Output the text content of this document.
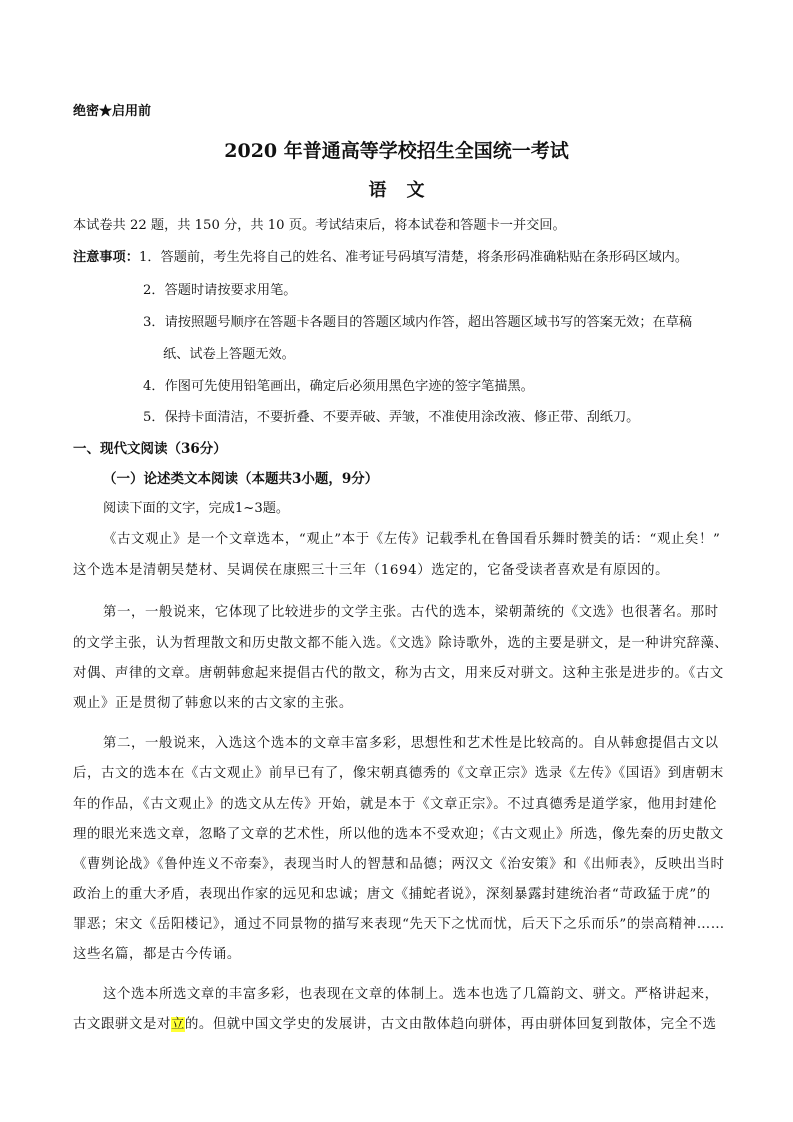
绝密★启用前
2020 年普通高等学校招生全国统一考试
语文
本试卷共 22 题，共 150 分，共 10 页。考试结束后，将本试卷和答题卡一并交回。
注意事项：1．答题前，考生先将自己的姓名、准考证号码填写清楚，将条形码准确粘贴在条形码区域内。
2．答题时请按要求用笔。
3．请按照题号顺序在答题卡各题目的答题区域内作答，超出答题区域书写的答案无效；在草稿
纸、试卷上答题无效。
4．作图可先使用铅笔画出，确定后必须用黑色字迹的签字笔描黑。
5．保持卡面清洁，不要折叠、不要弄破、弄皱，不准使用涂改液、修正带、刮纸刀。
一、现代文阅读（36分）
（一）论述类文本阅读（本题共3小题，9分）
阅读下面的文字，完成1~3题。
《古文观止》是一个文章选本，“观止”本于《左传》记载季札在鲁国看乐舞时赞美的话：“观止矣！”
这个选本是清朝吴楚材、吴调侯在康熙三十三年（1694）选定的，它备受读者喜欢是有原因的。
第一，一般说来，它体现了比较进步的文学主张。古代的选本，梁朝萧统的《文选》也很著名。那时
的文学主张，认为哲理散文和历史散文都不能入选。《文选》除诗歌外，选的主要是骈文，是一种讲究辞藻、
对偶、声律的文章。唐朝韩愈起来提倡古代的散文，称为古文，用来反对骈文。这种主张是进步的。《古文
观止》正是贯彻了韩愈以来的古文家的主张。
第二，一般说来，入选这个选本的文章丰富多彩，思想性和艺术性是比较高的。自从韩愈提倡古文以
后，古文的选本在《古文观止》前早已有了，像宋朝真德秀的《文章正宗》选录《左传》《国语》到唐朝末
年的作品，《古文观止》的选文从左传》开始，就是本于《文章正宗》。不过真德秀是道学家，他用封建伦
理的眼光来选文章，忽略了文章的艺术性，所以他的选本不受欢迎；《古文观止》所选，像先秦的历史散文
《曹刿论战》《鲁仲连义不帝秦》，表现当时人的智慧和品德；两汉文《治安策》和《出师表》，反映出当时
政治上的重大矛盾，表现出作家的远见和忠诚；唐文《捕蛇者说》，深刻暴露封建统治者“苛政猛于虎”的
罪恶；宋文《岳阳楼记》，通过不同景物的描写来表现“先天下之忧而忧，后天下之乐而乐”的崇高精神……
这些名篇，都是古今传诵。
这个选本所选文章的丰富多彩，也表现在文章的体制上。选本也选了几篇韵文、骈文。严格讲起来，
古文跟骈文是对立的。但就中国文学史的发展讲，古文由散体趋向骈体，再由骈体回复到散体，完全不选
